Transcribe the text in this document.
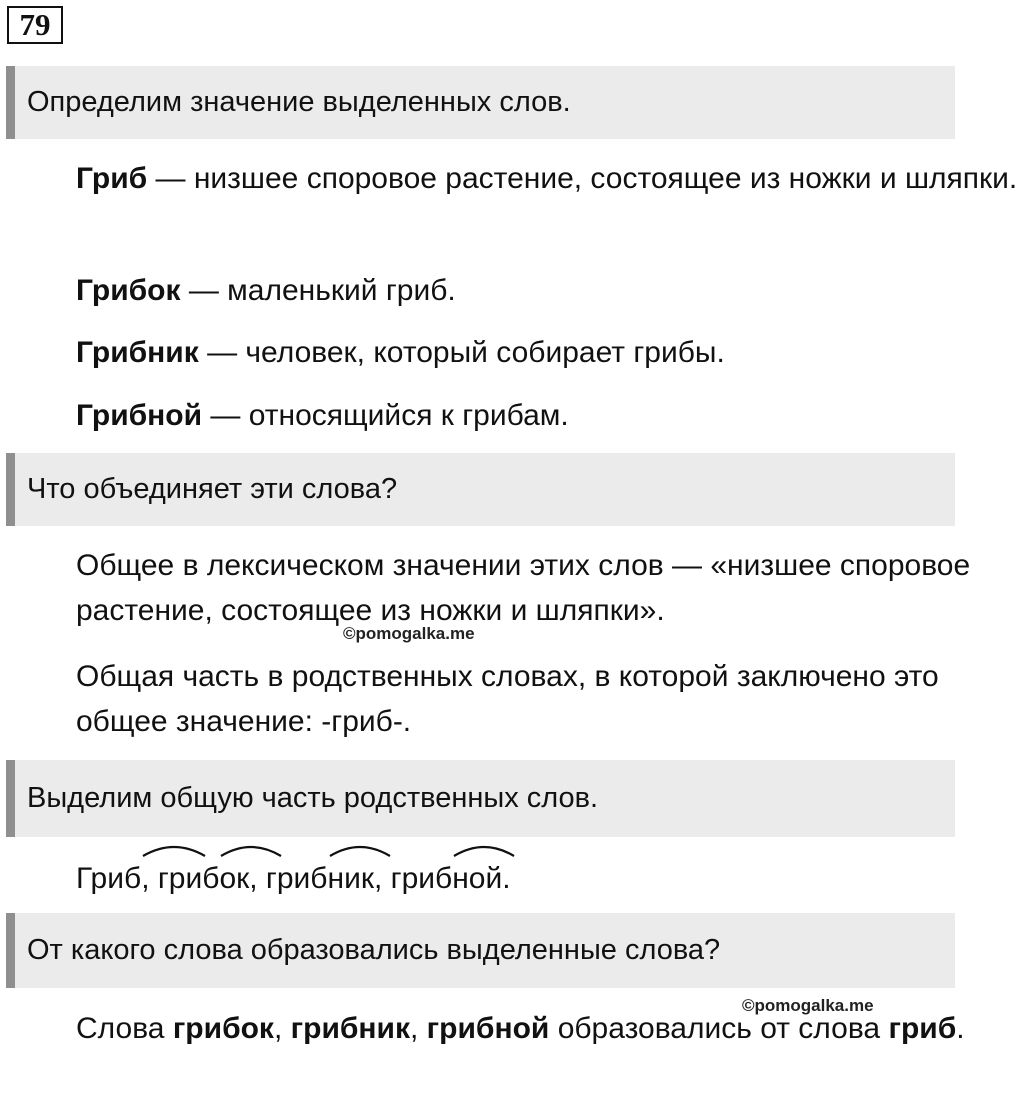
79
Определим значение выделенных слов.
Гриб — низшее споровое растение, состоящее из ножки и шляпки.
Грибок — маленький гриб.
Грибник — человек, который собирает грибы.
Грибной — относящийся к грибам.
Что объединяет эти слова?
Общее в лексическом значении этих слов — «низшее споровое растение, состоящее из ножки и шляпки».
©pomogalka.me
Общая часть в родственных словах, в которой заключено это общее значение: -гриб-.
Выделим общую часть родственных слов.
Гриб
, гриб
ок, гриб
ник, гриб
ной.
От какого слова образовались выделенные слова?
©pomogalka.me
Слова грибок, грибник, грибной образовались от слова гриб.
